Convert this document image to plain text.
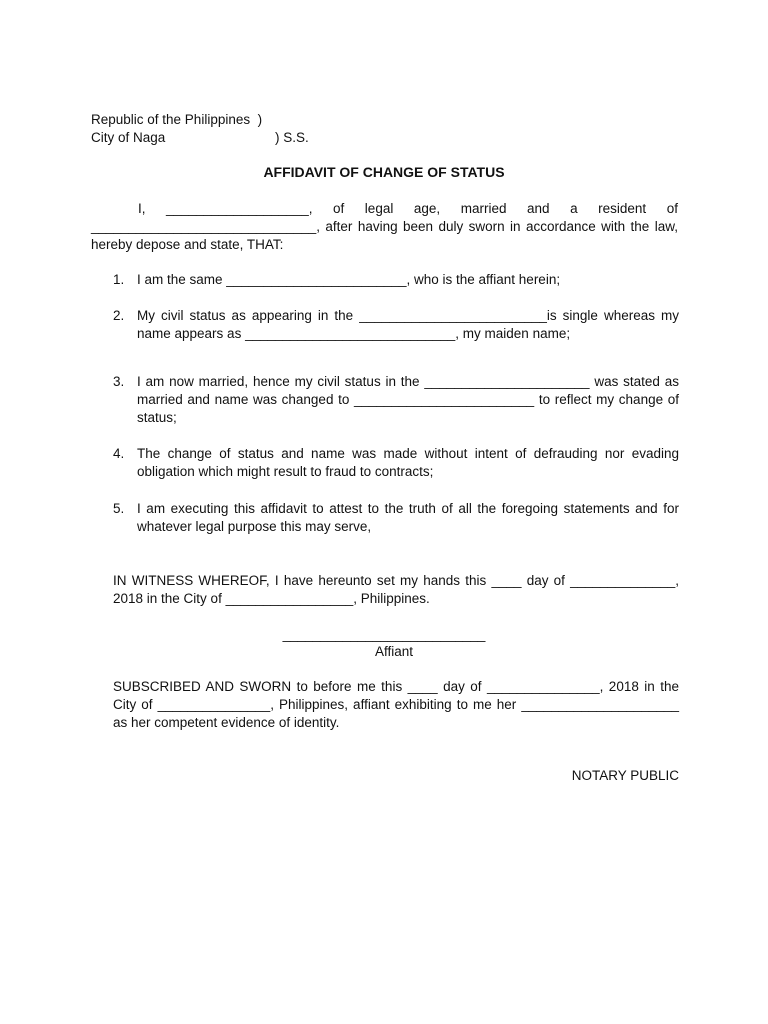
Republic of the Philippines  )
City of Naga	) S.S.
AFFIDAVIT OF CHANGE OF STATUS
I, ___________________, of legal age, married and a resident of ______________________________, after having been duly sworn in accordance with the law, hereby depose and state, THAT:
1. I am the same ________________________, who is the affiant herein;
2. My civil status as appearing in the _________________________is single whereas my name appears as ____________________________, my maiden name;
3. I am now married, hence my civil status in the ______________________ was stated as married and name was changed to ________________________ to reflect my change of status;
4. The change of status and name was made without intent of defrauding nor evading obligation which might result to fraud to contracts;
5. I am executing this affidavit to attest to the truth of all the foregoing statements and for whatever legal purpose this may serve,
IN WITNESS WHEREOF, I have hereunto set my hands this ____ day of ______________, 2018 in the City of _________________, Philippines.
___________________________
Affiant
SUBSCRIBED AND SWORN to before me this ____ day of _______________, 2018 in the City of _______________, Philippines, affiant exhibiting to me her _____________________ as her competent evidence of identity.
NOTARY PUBLIC
